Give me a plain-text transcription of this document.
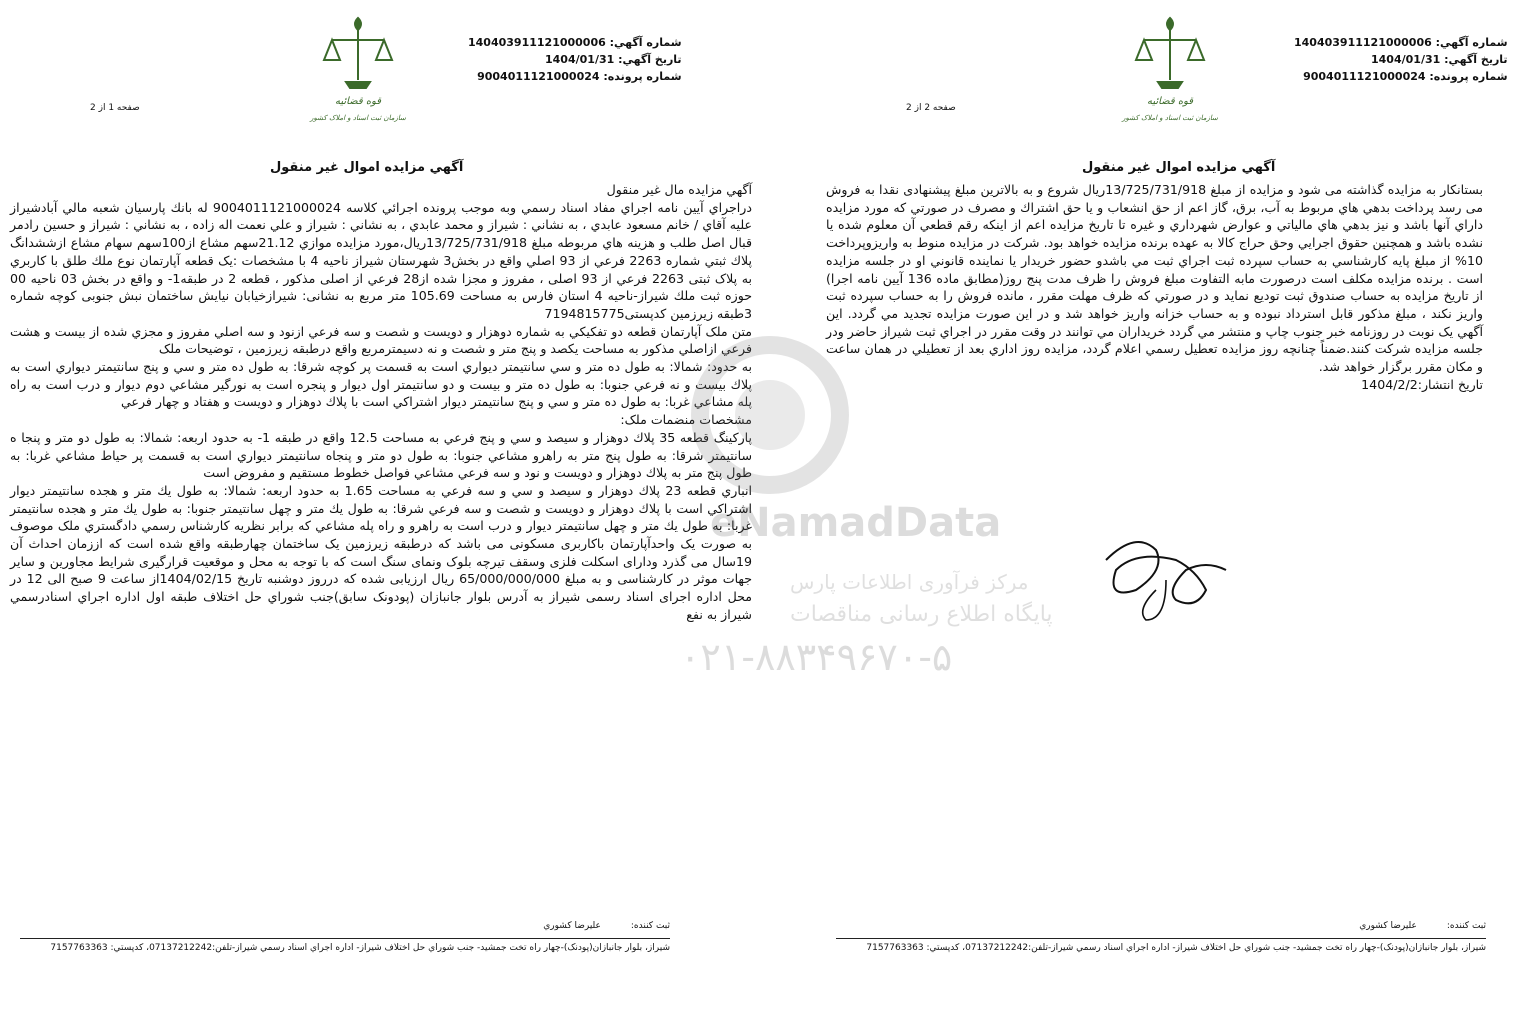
شماره آگهي: 140403911121000006
تاريخ آگهي: 1404/01/31
شماره پرونده: 9004011121000024
قوه قضائیه
سازمان ثبت اسناد و املاک کشور
صفحه 1 از 2
آگهي مزايده اموال غير منقول

آگهي مزايده مال غير منقول

دراجراي آيين نامه اجراي مفاد اسناد رسمي وبه موجب پرونده اجرائي كلاسه 9004011121000024 له بانك پارسيان شعبه مالي آبادشيراز عليه آقاي / خانم مسعود عابدي ، به نشاني : شيراز و محمد عابدي ، به نشاني : شيراز و علي نعمت اله زاده ، به نشاني : شيراز و حسين رادمر قبال اصل طلب و هزينه هاي مربوطه مبلغ 13/725/731/918ريال،مورد مزايده موازي 21.12سهم مشاع از100سهم سهام مشاع ازششدانگ پلاك ثبتي شماره 2263 فرعي از 93 اصلي واقع در بخش3 شهرستان شيراز ناحيه 4 با مشخصات :يک قطعه آپارتمان نوع ملك طلق با كاربري به پلاک ثبتی 2263 فرعي از 93 اصلی ، مفروز و مجزا شده از28 فرعي از اصلی مذكور ، قطعه 2 در طبقه1- و واقع در بخش 03 ناحيه 00 حوزه ثبت ملك شيراز-ناحيه 4 استان فارس به مساحت 105.69 متر مربع به نشانی: شيرازخيابان نيايش ساختمان نبش جنوبی كوچه شماره 3طبقه زيرزمين كدپستی7194815775

متن ملک آپارتمان قطعه دو تفكيكي به شماره دوهزار و دويست و شصت و سه فرعي ازنود و سه اصلي مفروز و مجزي شده از بيست و هشت فرعي ازاصلي مذكور به مساحت يكصد و پنج متر و شصت و نه دسيمترمربع واقع درطبقه زيرزمين ، توضيحات ملک

به حدود: شمالا: به طول ده متر و سي سانتيمتر ديواري است به قسمت پر كوچه شرقا: به طول ده متر و سي و پنج سانتيمتر ديواري است به پلاك بيست و نه فرعي جنوبا: به طول ده متر و بيست و دو سانتيمتر اول ديوار و پنجره است به نورگير مشاعي دوم ديوار و درب است به راه پله مشاعي غربا: به طول ده متر و سي و پنج سانتيمتر ديوار اشتراكي است با پلاك دوهزار و دويست و هفتاد و چهار فرعي

مشخصات منضمات ملک:

پاركينگ قطعه 35 پلاك دوهزار و سيصد و سي و پنج فرعي به مساحت 12.5 واقع در طبقه 1- به حدود اربعه: شمالا: به طول دو متر و پنجا ه سانتيمتر شرقا: به طول پنج متر به راهرو مشاعي جنوبا: به طول دو متر و پنجاه سانتيمتر ديواري است به قسمت پر حياط مشاعي غربا: به طول پنج متر به پلاك دوهزار و دويست و نود و سه فرعي مشاعي فواصل خطوط مستقيم و مفروض است

انباري قطعه 23 پلاك دوهزار و سيصد و سي و سه فرعي به مساحت 1.65 به حدود اربعه: شمالا: به طول يك متر و هجده سانتيمتر ديوار اشتراكي است با پلاك دوهزار و دويست و شصت و سه فرعي شرقا: به طول يك متر و چهل سانتيمتر جنوبا: به طول يك متر و هجده سانتيمتر غربا: به طول يك متر و چهل سانتيمتر ديوار و درب است به راهرو و راه پله مشاعي كه برابر نظريه كارشناس رسمي دادگستري ملک موصوف به صورت يک واحدآپارتمان باكاربری مسكونی می باشد كه درطبقه زيرزمين يک ساختمان چهارطبقه واقع شده است كه اززمان احداث آن 19سال می گذرد ودارای اسكلت فلزی وسقف تيرچه بلوک ونمای سنگ است كه با توجه به محل و موقعيت قرارگيری شرايط مجاورين و ساير جهات موثر در كارشناسی و به مبلغ 65/000/000/000 ريال ارزيابی شده كه درروز دوشنبه تاريخ 1404/02/15از ساعت 9 صبح الی 12 در محل اداره اجرای اسناد رسمی شيراز به آدرس بلوار جانبازان (پودونک سابق)جنب شوراي حل اختلاف طبقه اول اداره اجراي اسنادرسمي شيراز به نفع

ثبت کننده:عليرضا كشوري
شيراز، بلوار جانبازان(پودنک)-چهار راه تخت جمشيد- جنب شوراي حل اختلاف شيراز- اداره اجراي اسناد رسمي شيراز-تلفن:07137212242، کدپستي: 7157763363
شماره آگهي: 140403911121000006
تاريخ آگهي: 1404/01/31
شماره پرونده: 9004011121000024
قوه قضائیه
سازمان ثبت اسناد و املاک کشور
صفحه 2 از 2
آگهي مزايده اموال غير منقول

بستانكار به مزايده گذاشته می شود و مزايده از مبلغ 13/725/731/918ريال شروع و به بالاترين مبلغ پيشنهادی نقدا به فروش می رسد پرداخت بدهي هاي مربوط به آب، برق، گاز اعم از حق انشعاب و يا حق اشتراك و مصرف در صورتي كه مورد مزايده داراي آنها باشد و نيز بدهي هاي مالياتي و عوارض شهرداري و غيره تا تاريخ مزايده اعم از اينكه رقم قطعي آن معلوم شده يا نشده باشد و همچنين حقوق اجرايي وحق حراج كالا به عهده برنده مزايده خواهد بود. شركت در مزايده منوط به واريزوپرداخت 10% از مبلغ پايه كارشناسي به حساب سپرده ثبت اجراي ثبت مي باشدو حضور خريدار يا نماينده قانوني او در جلسه مزايده است . برنده مزايده مكلف است درصورت مابه التفاوت مبلغ فروش را ظرف مدت پنج روز(مطابق ماده 136 آيين نامه اجرا) از تاريخ مزايده به حساب صندوق ثبت توديع نمايد و در صورتي كه ظرف مهلت مقرر ، مانده فروش را به حساب سپرده ثبت واريز نكند ، مبلغ مذكور قابل استرداد نبوده و به حساب خزانه واريز خواهد شد و در اين صورت مزايده تجديد مي گردد. اين آگهي يک نوبت در روزنامه خبر جنوب چاپ و منتشر مي گردد خريداران مي توانند در وقت مقرر در اجراي ثبت شيراز حاضر ودر جلسه مزايده شركت كنند.ضمناً چنانچه روز مزايده تعطيل رسمي اعلام گردد، مزايده روز اداري بعد از تعطيلي در همان ساعت و مكان مقرر برگزار خواهد شد.

تاريخ انتشار:1404/2/2

ثبت کننده:عليرضا كشوري
شيراز، بلوار جانبازان(پودنک)-چهار راه تخت جمشيد- جنب شوراي حل اختلاف شيراز- اداره اجراي اسناد رسمي شيراز-تلفن:07137212242، کدپستي: 7157763363
eNamadData
مرکز فرآوری اطلاعات پارس
پایگاه اطلاع رسانی مناقصات
۰۲۱-۸۸۳۴۹۶۷۰-۵
